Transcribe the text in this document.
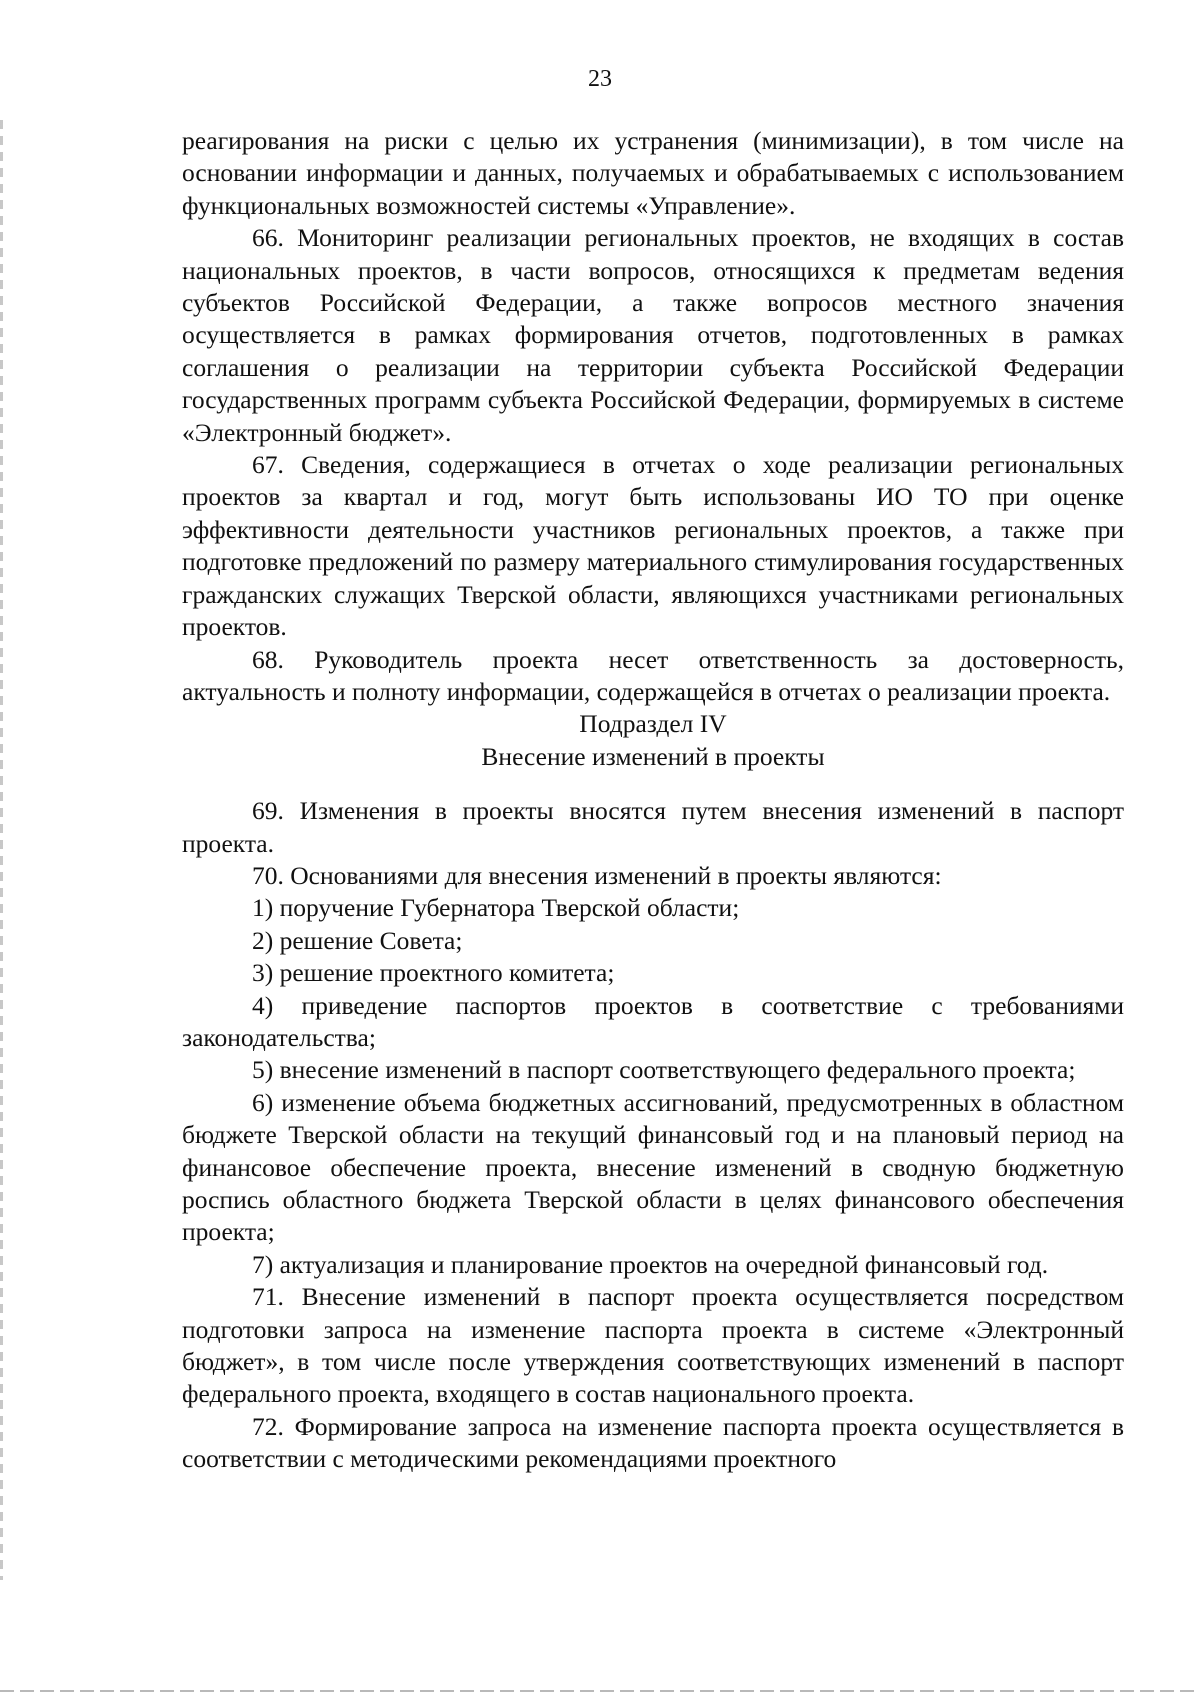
23

реагирования на риски с целью их устранения (минимизации), в том числе на основании информации и данных, получаемых и обрабатываемых с использованием функциональных возможностей системы «Управление».

66. Мониторинг реализации региональных проектов, не входящих в состав национальных проектов, в части вопросов, относящихся к предметам ведения субъектов Российской Федерации, а также вопросов местного значения осуществляется в рамках формирования отчетов, подготовленных в рамках соглашения о реализации на территории субъекта Российской Федерации государственных программ субъекта Российской Федерации, формируемых в системе «Электронный бюджет».

67. Сведения, содержащиеся в отчетах о ходе реализации региональных проектов за квартал и год, могут быть использованы ИО ТО при оценке эффективности деятельности участников региональных проектов, а также при подготовке предложений по размеру материального стимулирования государственных гражданских служащих Тверской области, являющихся участниками региональных проектов.

68. Руководитель проекта несет ответственность за достоверность, актуальность и полноту информации, содержащейся в отчетах о реализации проекта.

Подраздел IV
Внесение изменений в проекты

69. Изменения в проекты вносятся путем внесения изменений в паспорт проекта.

70. Основаниями для внесения изменений в проекты являются:

1) поручение Губернатора Тверской области;

2) решение Совета;

3) решение проектного комитета;

4) приведение паспортов проектов в соответствие с требованиями законодательства;

5) внесение изменений в паспорт соответствующего федерального проекта;

6) изменение объема бюджетных ассигнований, предусмотренных в областном бюджете Тверской области на текущий финансовый год и на плановый период на финансовое обеспечение проекта, внесение изменений в сводную бюджетную роспись областного бюджета Тверской области в целях финансового обеспечения проекта;

7) актуализация и планирование проектов на очередной финансовый год.

71. Внесение изменений в паспорт проекта осуществляется посредством подготовки запроса на изменение паспорта проекта в системе «Электронный бюджет», в том числе после утверждения соответствующих изменений в паспорт федерального проекта, входящего в состав национального проекта.

72. Формирование запроса на изменение паспорта проекта осуществляется в соответствии с методическими рекомендациями проектного
